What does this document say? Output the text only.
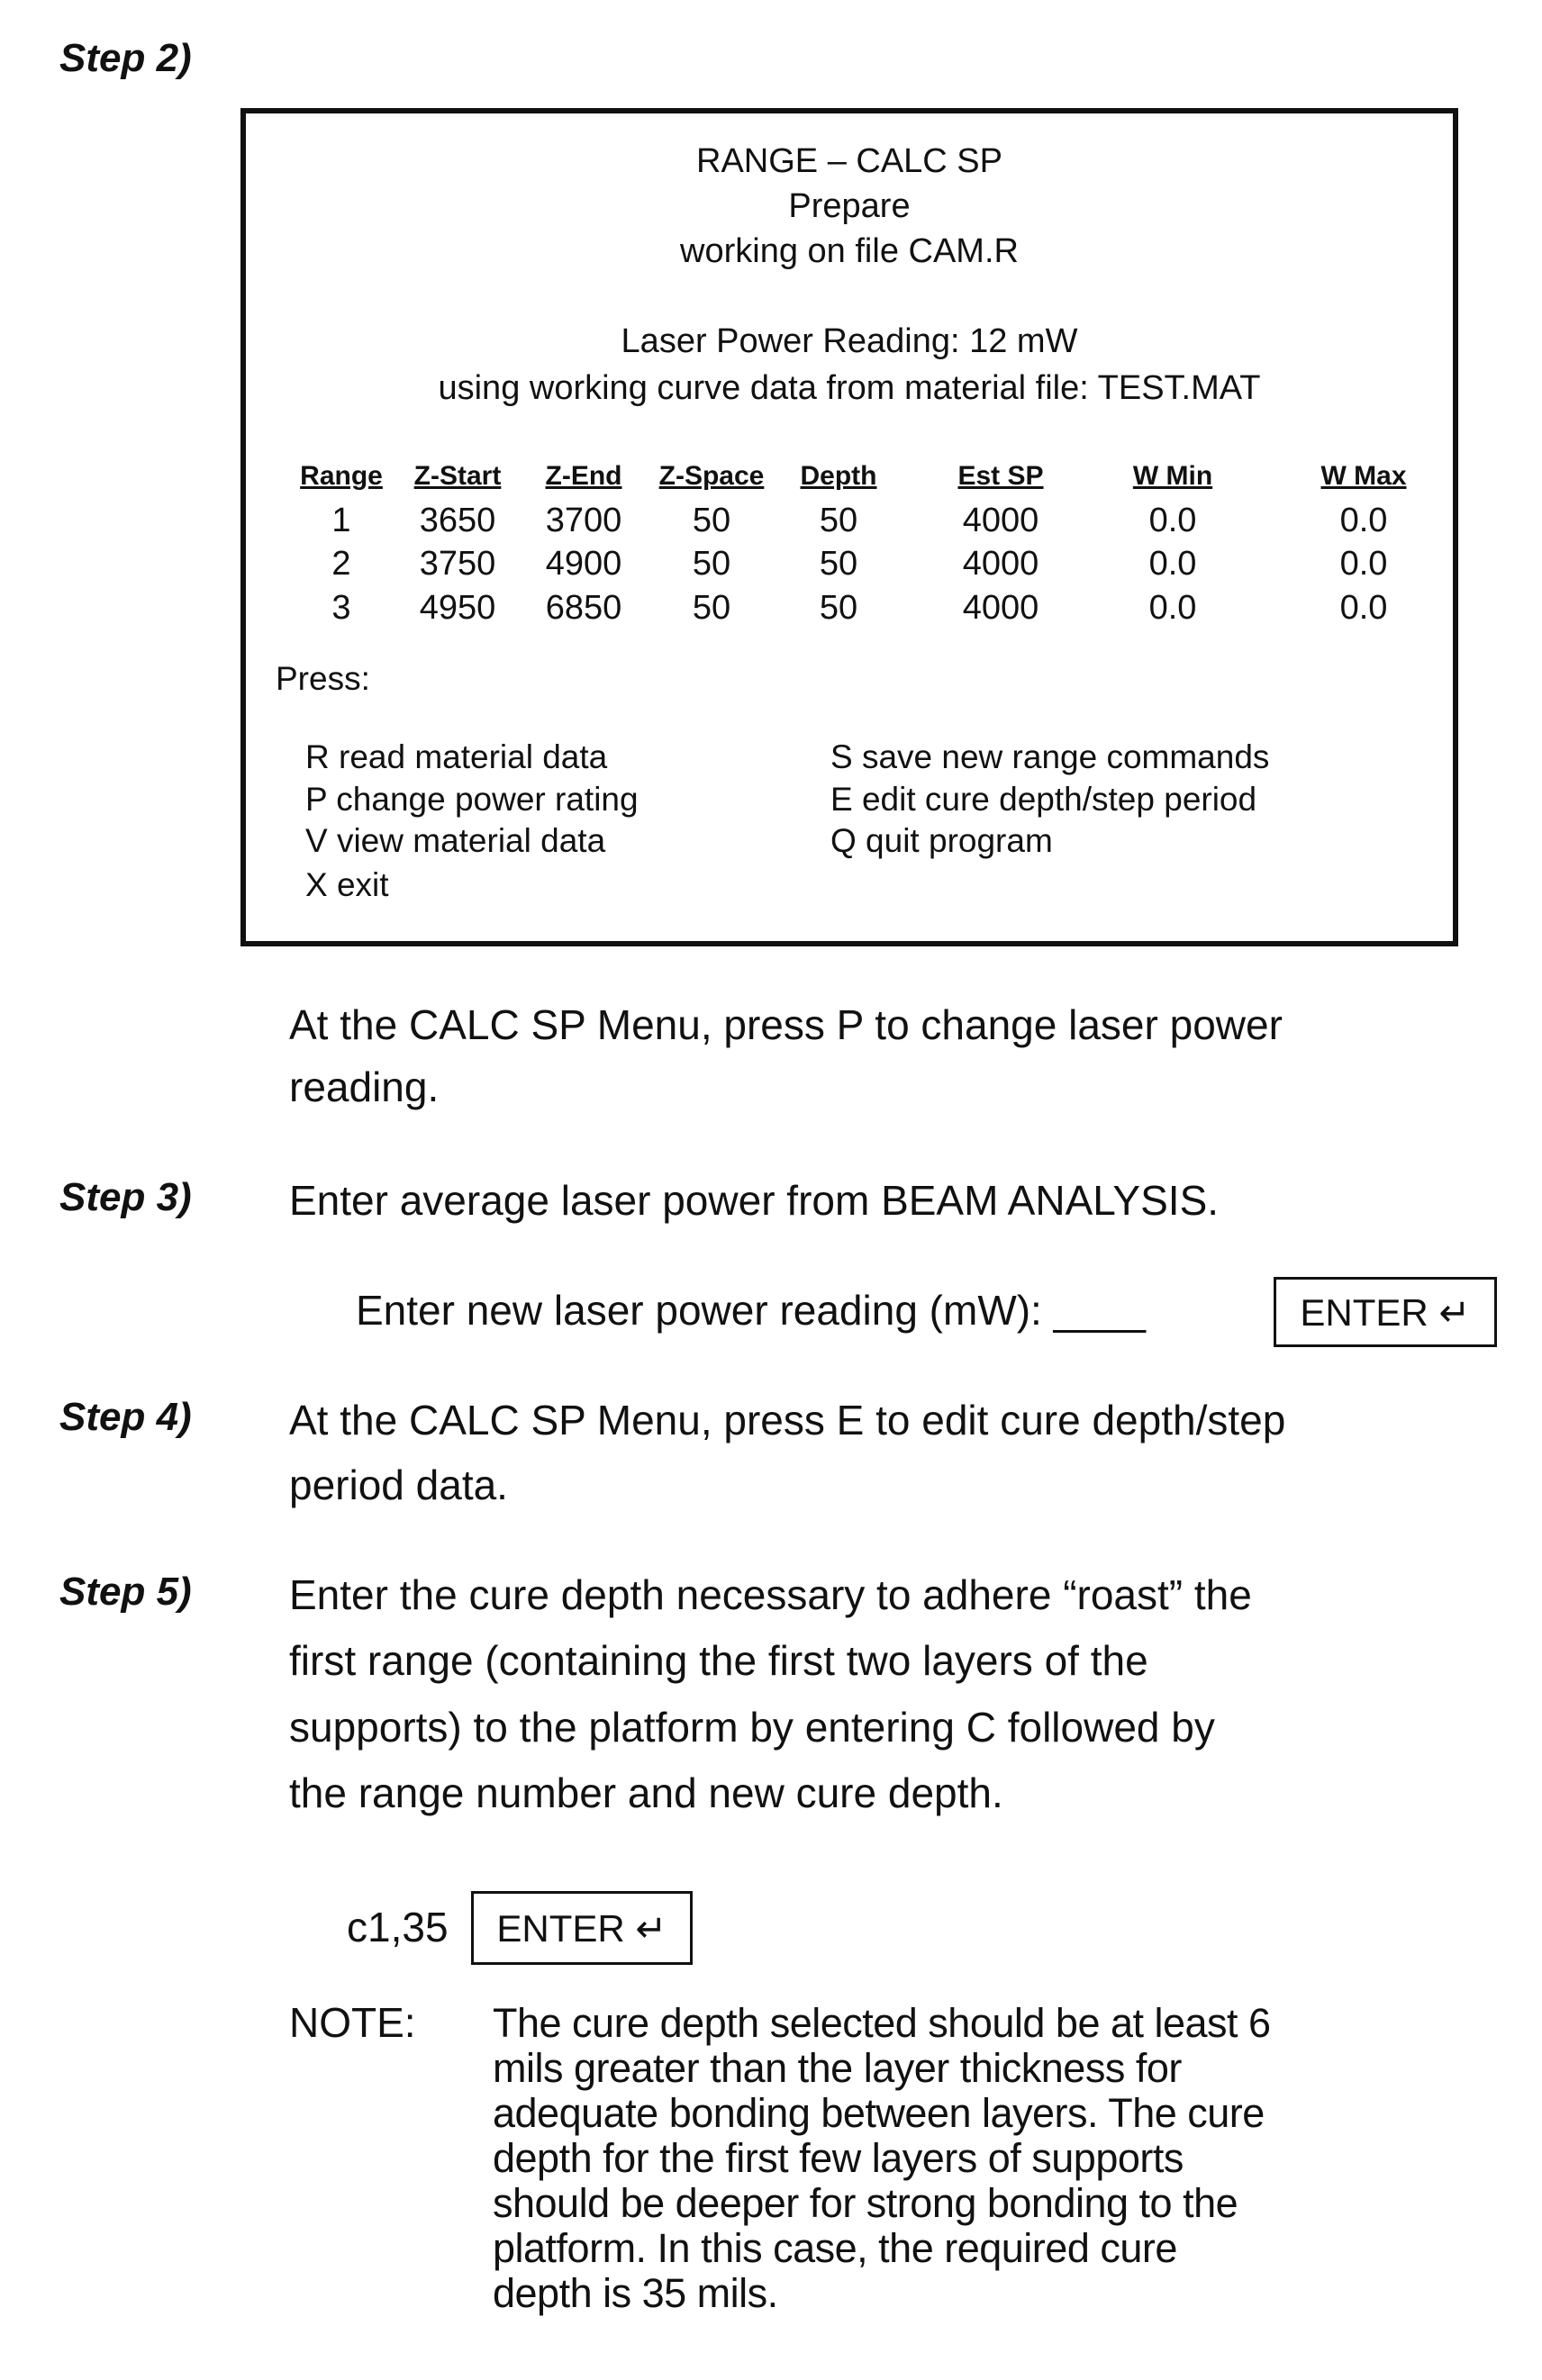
Step 2)
RANGE – CALC SP
Prepare
working on file CAM.R
Laser Power Reading: 12 mW
using working curve data from material file: TEST.MAT
Range Z-Start Z-End Z-Space Depth	Est SP	W Min	W Max
1 3650 3700 50	50	4000	0.0	0.0
2 3750 4900 50	50	4000	0.0	0.0
3 4950 6850 50	50	4000	0.0	0.0
Press:
R read material data
P change power rating
V view material data
X exit
S save new range commands
E edit cure depth/step period
Q quit program
At the CALC SP Menu, press P to change laser power
reading.
Step 3) Enter average laser power from BEAM ANALYSIS.
Enter new laser power reading (mW): ____	ENTER ↵
Step 4) At the CALC SP Menu, press E to edit cure depth/step
period data.
Step 5) Enter the cure depth necessary to adhere “roast” the
first range (containing the first two layers of the
supports) to the platform by entering C followed by
the range number and new cure depth.
c1,35	ENTER ↵
NOTE: The cure depth selected should be at least 6
mils greater than the layer thickness for
adequate bonding between layers. The cure
depth for the first few layers of supports
should be deeper for strong bonding to the
platform. In this case, the required cure
depth is 35 mils.
